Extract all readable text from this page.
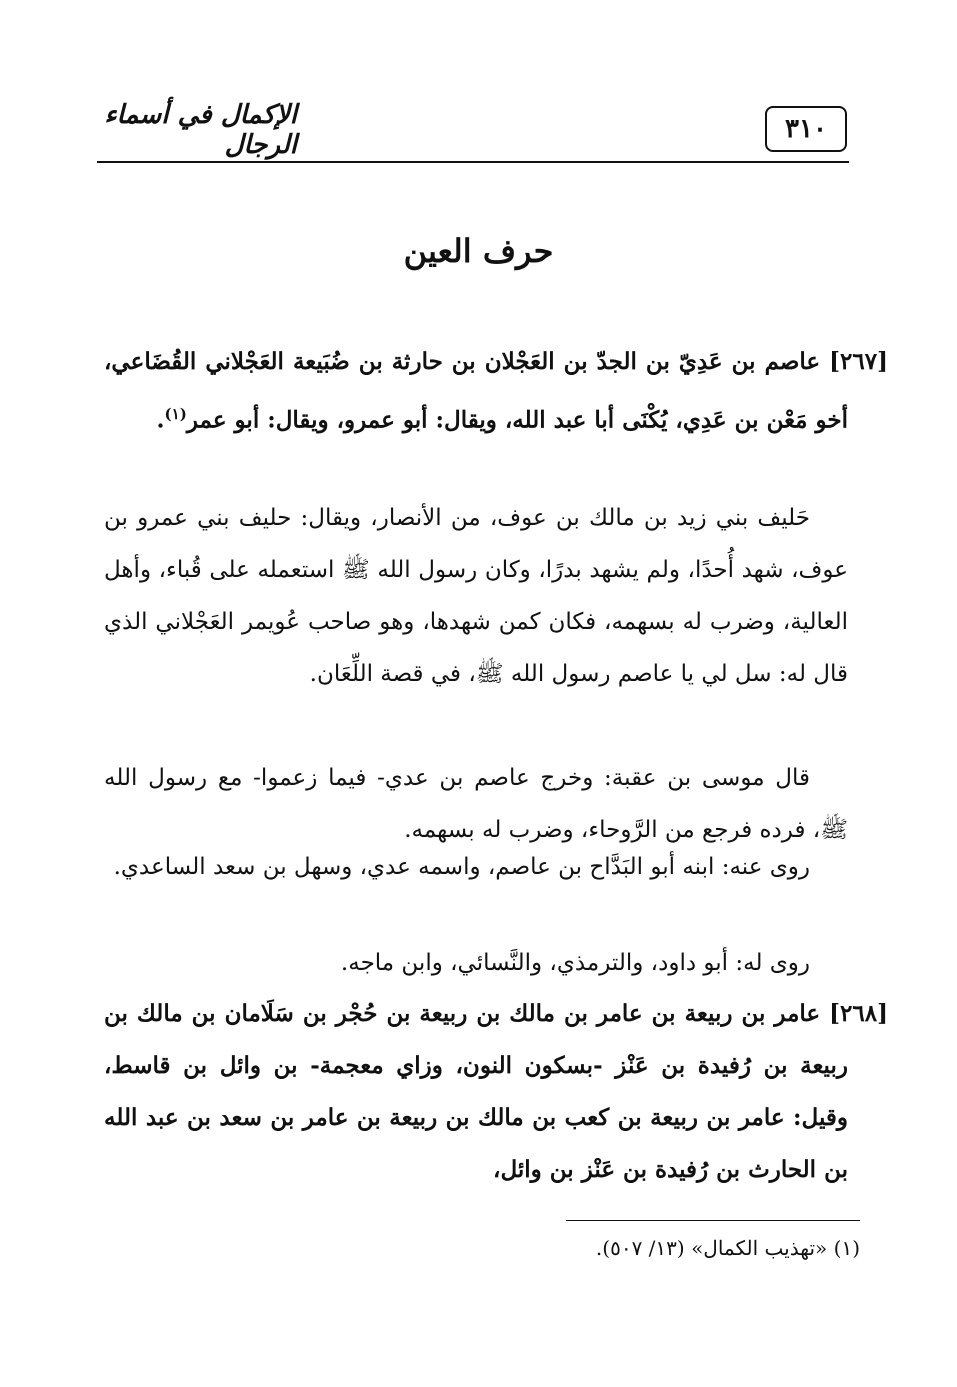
٣١٠
الإكمال في أسماء الرجال
حرف العين

[٢٦٧] عاصم بن عَدِيّ بن الجدّ بن العَجْلان بن حارثة بن ضُبَيعة العَجْلاني القُضَاعي، أخو مَعْن بن عَدِي، يُكْنَى أبا عبد الله، ويقال: أبو عمرو، ويقال: أبو عمر$^{(١)}$.

حَليف بني زيد بن مالك بن عوف، من الأنصار، ويقال: حليف بني عمرو بن عوف، شهد أُحدًا، ولم يشهد بدرًا، وكان رسول الله ﷺ استعمله على قُباء، وأهل العالية، وضرب له بسهمه، فكان كمن شهدها، وهو صاحب عُويمر العَجْلاني الذي قال له: سل لي يا عاصم رسول الله ﷺ، في قصة اللِّعَان.

قال موسى بن عقبة: وخرج عاصم بن عدي- فيما زعموا- مع رسول الله ﷺ، فرده فرجع من الرَّوحاء، وضرب له بسهمه.

روى عنه: ابنه أبو البَدَّاح بن عاصم، واسمه عدي، وسهل بن سعد الساعدي.

روى له: أبو داود، والترمذي، والنَّسائي، وابن ماجه.

[٢٦٨] عامر بن ربيعة بن عامر بن مالك بن ربيعة بن حُجْر بن سَلَامان بن مالك بن ربيعة بن رُفيدة بن عَنْز -بسكون النون، وزاي معجمة- بن وائل بن قاسط، وقيل: عامر بن ربيعة بن كعب بن مالك بن ربيعة بن عامر بن سعد بن عبد الله بن الحارث بن رُفيدة بن عَنْز بن وائل،

(١) «تهذيب الكمال» (١٣/ ٥٠٧).
